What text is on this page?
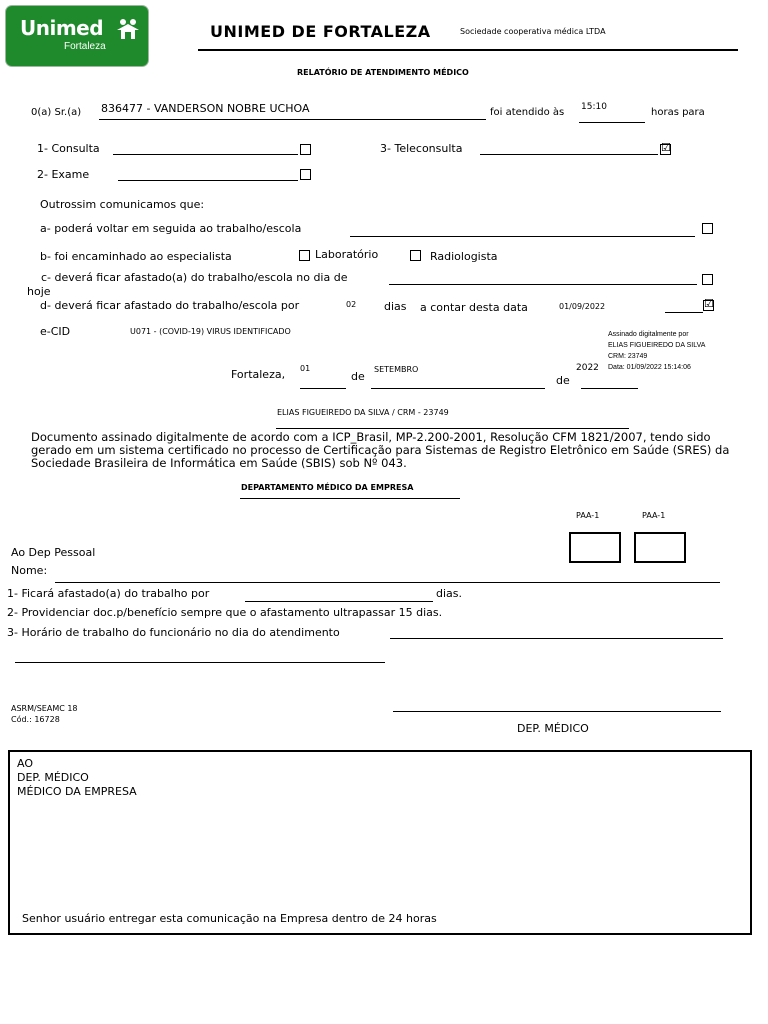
Unimed
Fortaleza
UNIMED DE FORTALEZA	Sociedade cooperativa médica LTDA
RELATÓRIO DE ATENDIMENTO MÉDICO
0(a) Sr.(a) 836477 - VANDERSON NOBRE UCHOA	foi atendido às 15:10	horas para
1- Consulta	3- Teleconsulta	☑
2- Exame
Outrossim comunicamos que:
a- poderá voltar em seguida ao trabalho/escola
b- foi encaminhado ao especialista	Laboratório	Radiologista
c- deverá ficar afastado(a) do trabalho/escola no dia de
hoje
d- deverá ficar afastado do trabalho/escola por	02	dias a contar desta data	01/09/2022	☑
e-CID	U071 - (COVID-19) VIRUS IDENTIFICADO	Assinado digitalmente por
ELIAS FIGUEIREDO DA SILVA
CRM: 23749
Data: 01/09/2022 15:14:06
Fortaleza, 01
de
SETEMBRO
de
2022
ELIAS FIGUEIREDO DA SILVA / CRM - 23749
Documento assinado digitalmente de acordo com a ICP_Brasil, MP-2.200-2001, Resolução CFM 1821/2007, tendo sido gerado em um sistema certificado no processo de Certificação para Sistemas de Registro Eletrônico em Saúde (SRES) da Sociedade Brasileira de Informática em Saúde (SBIS) sob Nº 043.
DEPARTAMENTO MÉDICO DA EMPRESA
PAA-1	PAA-1
Ao Dep Pessoal
Nome:
1- Ficará afastado(a) do trabalho por	dias.
2- Providenciar doc.p/benefício sempre que o afastamento ultrapassar 15 dias.
3- Horário de trabalho do funcionário no dia do atendimento
ASRM/SEAMC 18
Cód.: 16728
DEP. MÉDICO
AO
DEP. MÉDICO
MÉDICO DA EMPRESA
Senhor usuário entregar esta comunicação na Empresa dentro de 24 horas
